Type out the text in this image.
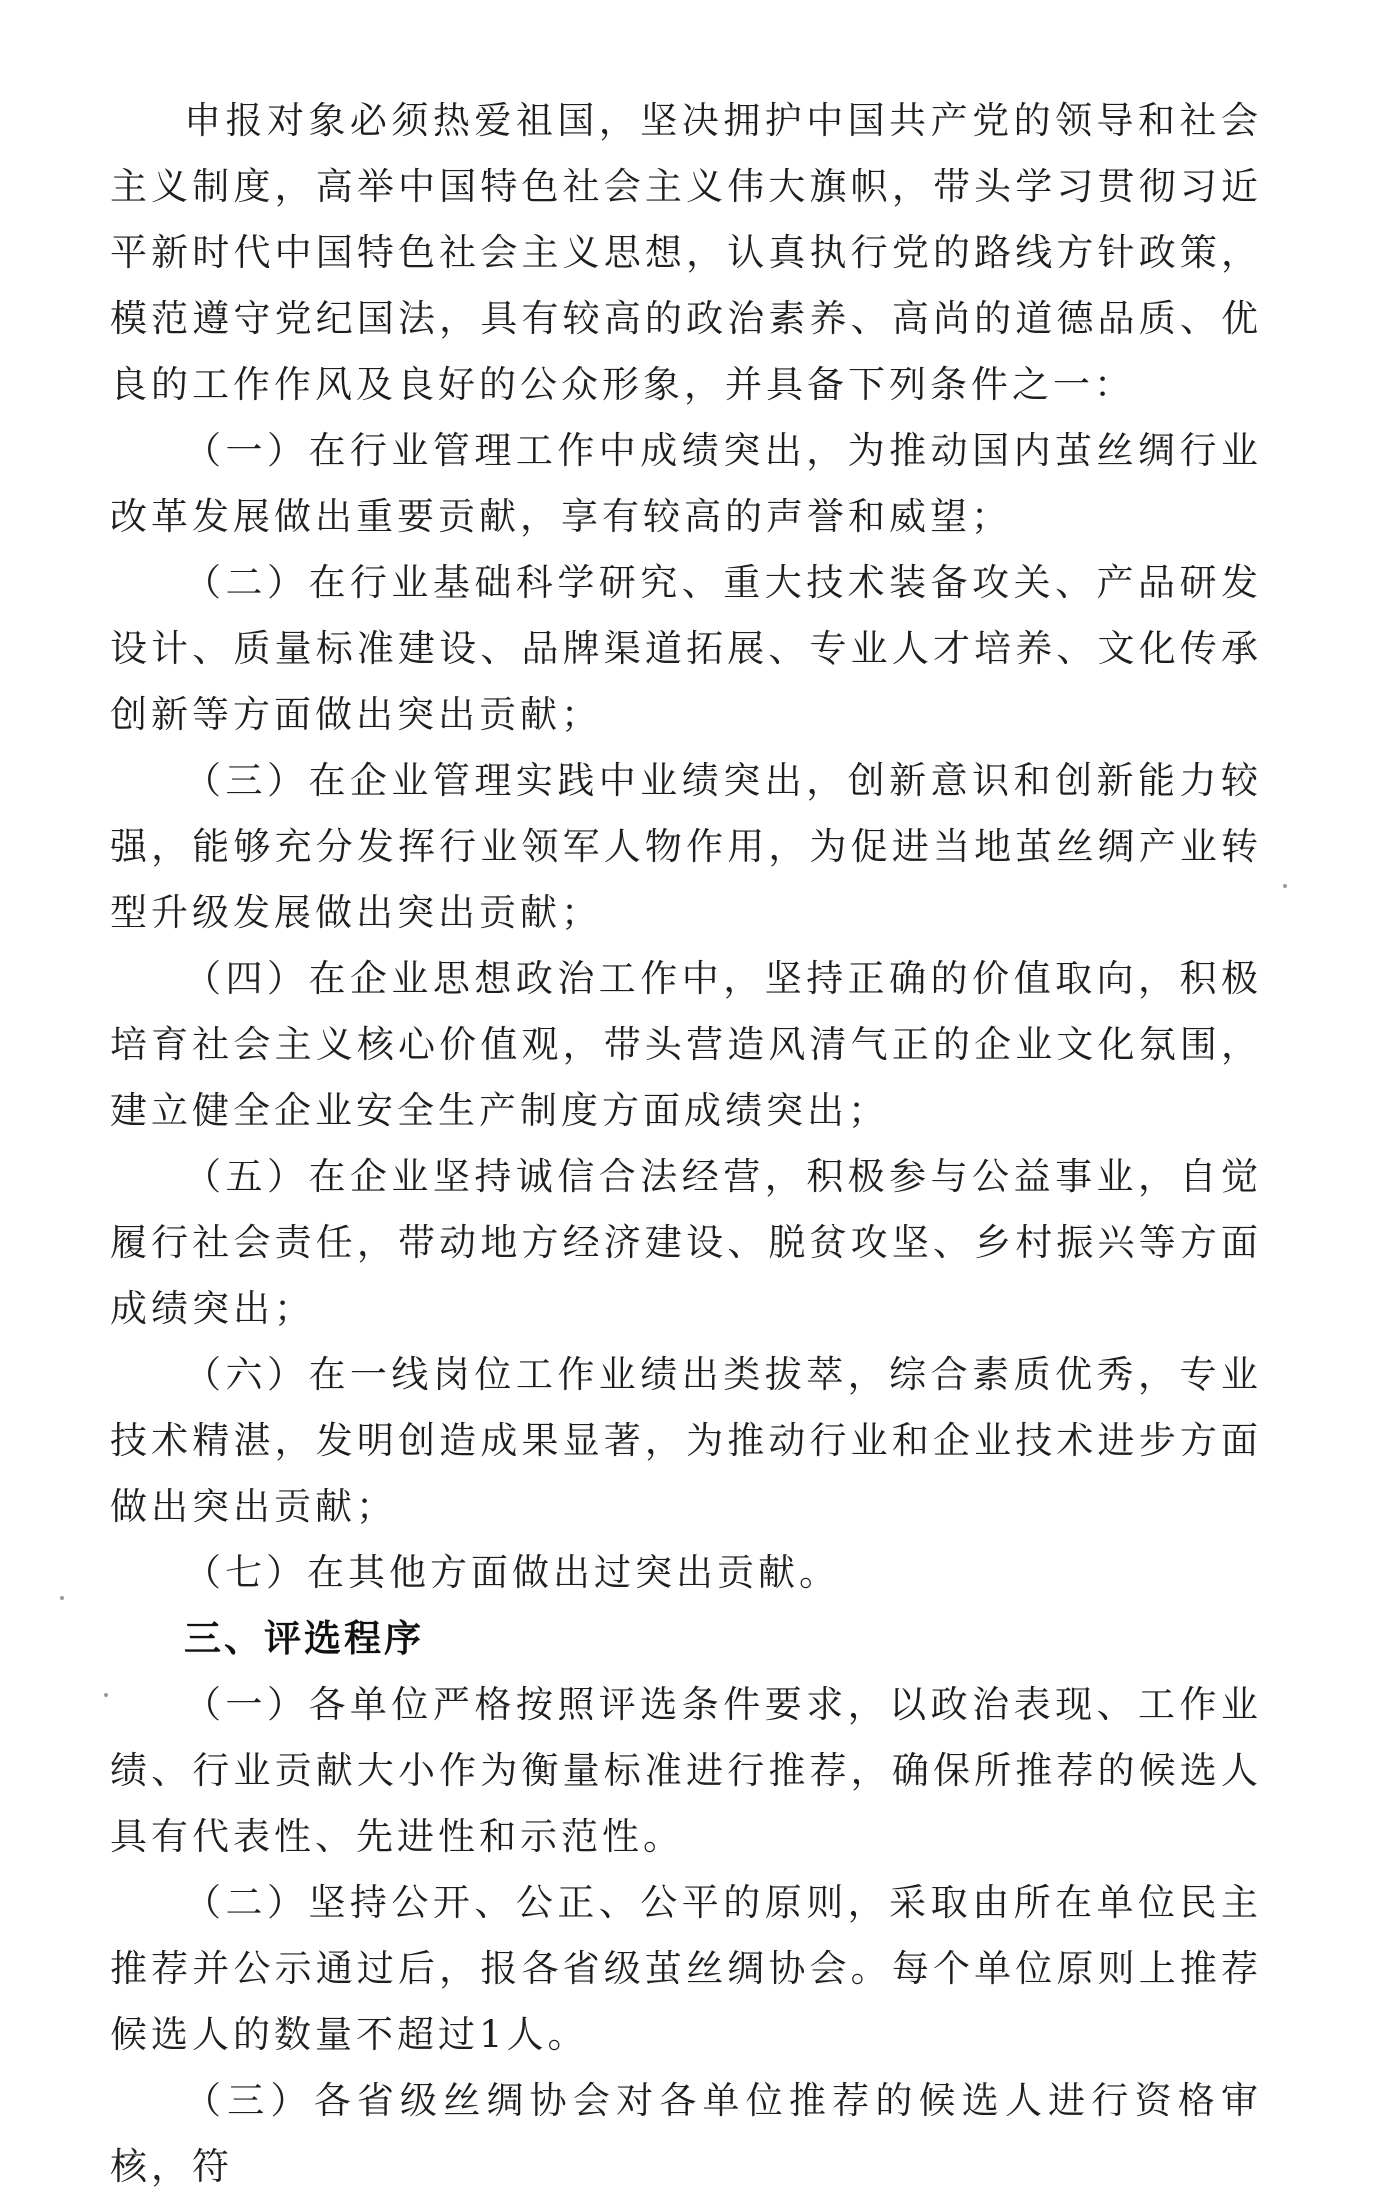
申报对象必须热爱祖国，坚决拥护中国共产党的领导和社会主义制度，高举中国特色社会主义伟大旗帜，带头学习贯彻习近平新时代中国特色社会主义思想，认真执行党的路线方针政策，模范遵守党纪国法，具有较高的政治素养、高尚的道德品质、优良的工作作风及良好的公众形象，并具备下列条件之一：

（一）在行业管理工作中成绩突出，为推动国内茧丝绸行业改革发展做出重要贡献，享有较高的声誉和威望；

（二）在行业基础科学研究、重大技术装备攻关、产品研发设计、质量标准建设、品牌渠道拓展、专业人才培养、文化传承创新等方面做出突出贡献；

（三）在企业管理实践中业绩突出，创新意识和创新能力较强，能够充分发挥行业领军人物作用，为促进当地茧丝绸产业转型升级发展做出突出贡献；

（四）在企业思想政治工作中，坚持正确的价值取向，积极培育社会主义核心价值观，带头营造风清气正的企业文化氛围，建立健全企业安全生产制度方面成绩突出；

（五）在企业坚持诚信合法经营，积极参与公益事业，自觉履行社会责任，带动地方经济建设、脱贫攻坚、乡村振兴等方面成绩突出；

（六）在一线岗位工作业绩出类拔萃，综合素质优秀，专业技术精湛，发明创造成果显著，为推动行业和企业技术进步方面做出突出贡献；

（七）在其他方面做出过突出贡献。

三、评选程序

（一）各单位严格按照评选条件要求，以政治表现、工作业绩、行业贡献大小作为衡量标准进行推荐，确保所推荐的候选人具有代表性、先进性和示范性。

（二）坚持公开、公正、公平的原则，采取由所在单位民主推荐并公示通过后，报各省级茧丝绸协会。每个单位原则上推荐候选人的数量不超过1人。

（三）各省级丝绸协会对各单位推荐的候选人进行资格审核，符
